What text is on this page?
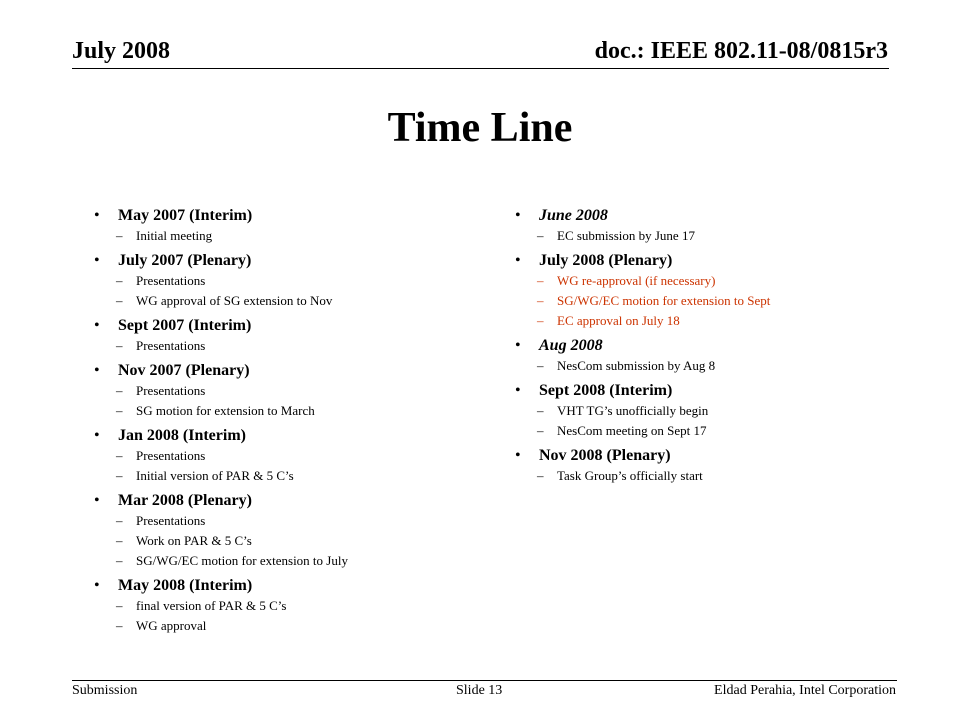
July 2008	doc.: IEEE 802.11-08/0815r3
Time Line
• May 2007 (Interim)
– Initial meeting
• July 2007 (Plenary)
– Presentations
– WG approval of SG extension to Nov
• Sept 2007 (Interim)
– Presentations
• Nov 2007 (Plenary)
– Presentations
– SG motion for extension to March
• Jan 2008 (Interim)
– Presentations
– Initial version of PAR & 5 C’s
• Mar 2008 (Plenary)
– Presentations
– Work on PAR & 5 C’s
– SG/WG/EC motion for extension to July
• May 2008 (Interim)
– final version of PAR & 5 C’s
– WG approval
• June 2008
– EC submission by June 17
• July 2008 (Plenary)
– WG re-approval (if necessary)
– SG/WG/EC motion for extension to Sept
– EC approval on July 18
• Aug 2008
– NesCom submission by Aug 8
• Sept 2008 (Interim)
– VHT TG’s unofficially begin
– NesCom meeting on Sept 17
• Nov 2008 (Plenary)
– Task Group’s officially start
Submission	Slide 13	Eldad Perahia, Intel Corporation
